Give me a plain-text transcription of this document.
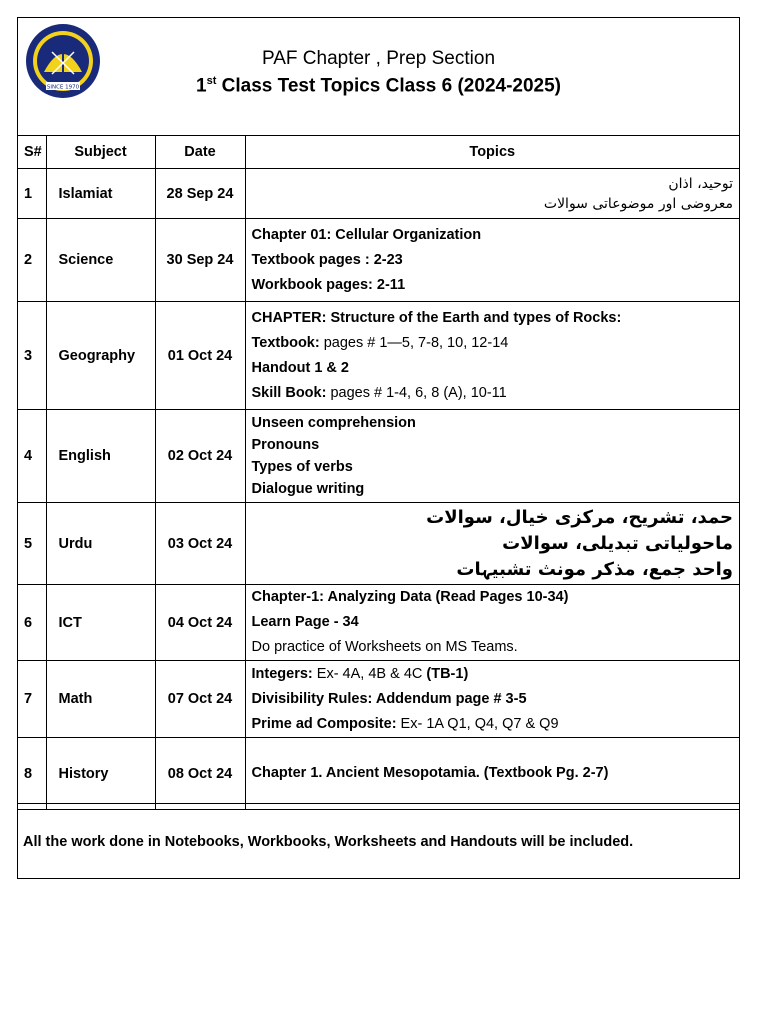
SINCE 1970
PAF Chapter , Prep Section
1st Class Test Topics Class 6 (2024-2025)
S#	Subject	Date	Topics
1	Islamiat	28 Sep 24	توحید، اذان
معروضی اور موضوعاتی سوالات

2	Science	30 Sep 24	Chapter 01: Cellular Organization
Textbook pages : 2-23
Workbook pages: 2-11

3	Geography	01 Oct 24	CHAPTER: Structure of the Earth and types of Rocks:
Textbook: pages # 1—5, 7-8, 10, 12-14
Handout 1 & 2
Skill Book: pages # 1-4, 6, 8 (A), 10-11

4	English	02 Oct 24	Unseen comprehension
Pronouns
Types of verbs
Dialogue writing

5	Urdu	03 Oct 24	حمد، تشریح، مرکزی خیال، سوالات
ماحولیاتی تبدیلی، سوالات
واحد جمع، مذکر مونث تشبیہات

6	ICT	04 Oct 24	Chapter-1: Analyzing Data (Read Pages 10-34)
Learn Page - 34
Do practice of Worksheets on MS Teams.

7	Math	07 Oct 24	Integers: Ex- 4A, 4B & 4C (TB-1)
Divisibility Rules: Addendum page # 3-5
Prime ad Composite: Ex- 1A Q1, Q4, Q7 & Q9

8	History	08 Oct 24	Chapter 1. Ancient Mesopotamia. (Textbook Pg. 2-7)
All the work done in Notebooks, Workbooks, Worksheets and Handouts will be included.
